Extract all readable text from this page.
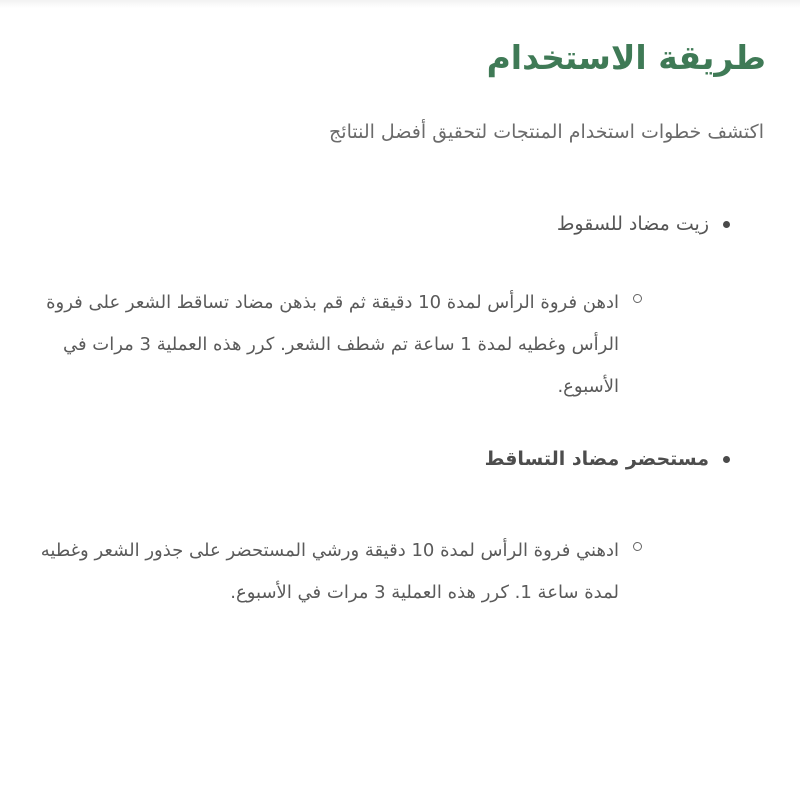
طريقة الاستخدام

اكتشف خطوات استخدام المنتجات لتحقيق أفضل النتائج

زيت مضاد للسقوط

ادهن فروة الرأس لمدة 10 دقيقة ثم قم بذهن مضاد تساقط الشعر على فروة الرأس وغطيه لمدة 1 ساعة تم شطف الشعر. كرر هذه العملية 3 مرات في الأسبوع.

مستحضر مضاد التساقط

ادهني فروة الرأس لمدة 10 دقيقة ورشي المستحضر على جذور الشعر وغطيه لمدة ساعة 1. كرر هذه العملية 3 مرات في الأسبوع.
